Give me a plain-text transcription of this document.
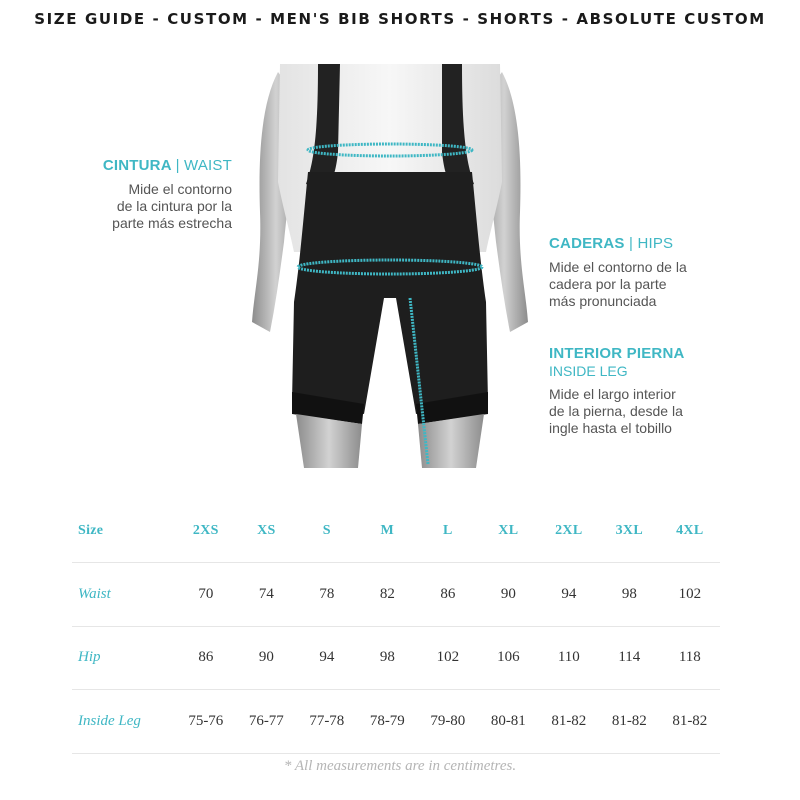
SIZE GUIDE - CUSTOM - MEN'S BIB SHORTS - SHORTS - ABSOLUTE CUSTOM
CINTURA | WAIST
Mide el contorno
de la cintura por la
parte más estrecha
CADERAS | HIPS
Mide el contorno de la
cadera por la parte
más pronunciada
INTERIOR PIERNA
INSIDE LEG
Mide el largo interior
de la pierna, desde la
ingle hasta el tobillo
Size	2XS	XS	S	M	L	XL	2XL	3XL	4XL
Waist	70	74	78	82	86	90	94	98	102
Hip	86	90	94	98	102	106	110	114	118
Inside Leg	75-76	76-77	77-78	78-79	79-80	80-81	81-82	81-82	81-82
* All measurements are in centimetres.
